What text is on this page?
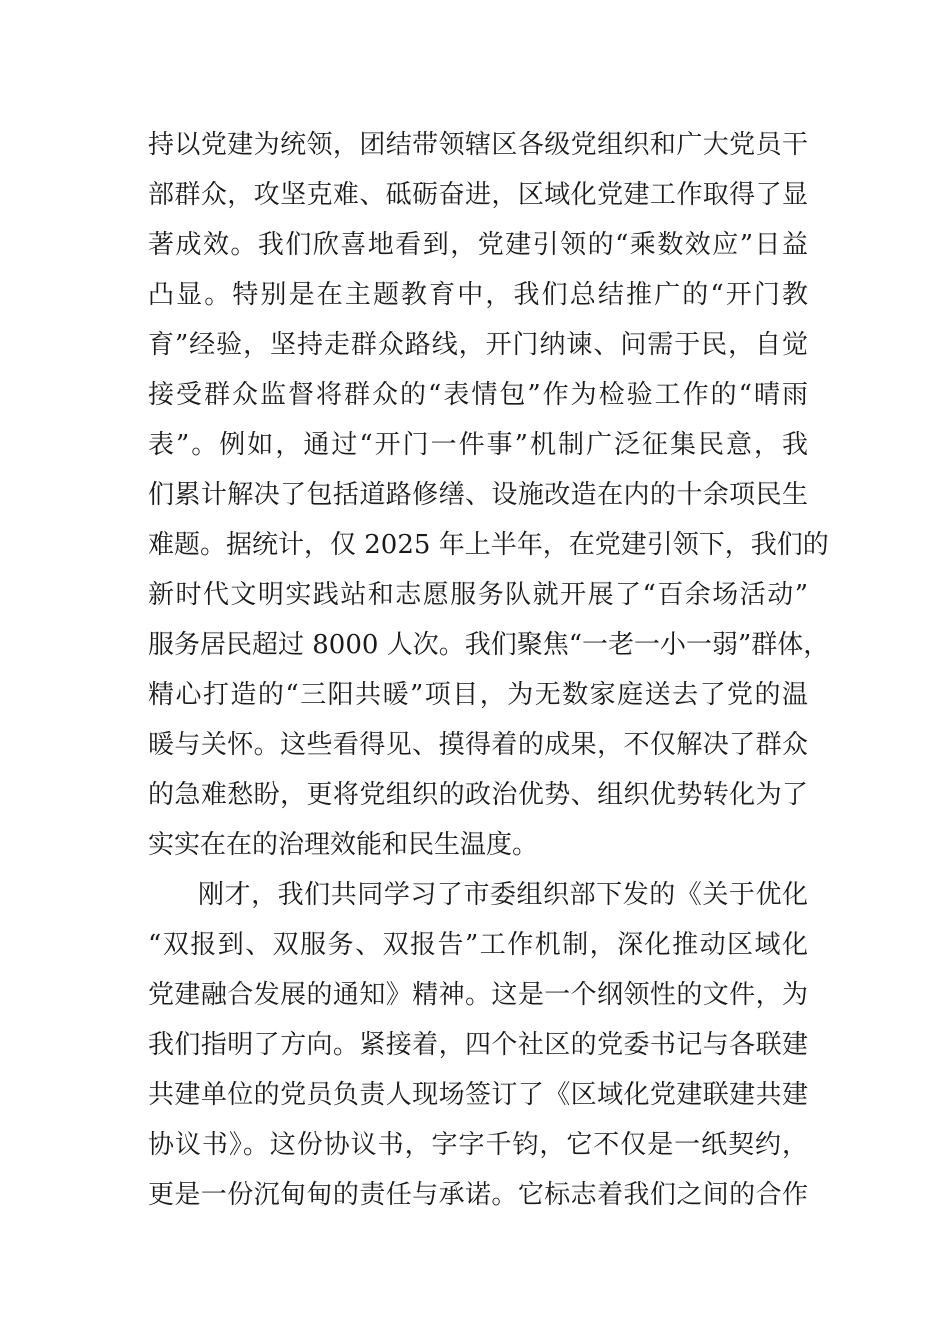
持以党建为统领，团结带领辖区各级党组织和广大党员干
部群众，攻坚克难、砥砺奋进，区域化党建工作取得了显
著成效。我们欣喜地看到，党建引领的“乘数效应”日益
凸显。特别是在主题教育中，我们总结推广的“开门教
育”经验，坚持走群众路线，开门纳谏、问需于民，自觉
接受群众监督将群众的“表情包”作为检验工作的“晴雨
表”。例如，通过“开门一件事”机制广泛征集民意，我
们累计解决了包括道路修缮、设施改造在内的十余项民生
难题。据统计，仅 2025 年上半年，在党建引领下，我们的
新时代文明实践站和志愿服务队就开展了“百余场活动”
服务居民超过 8000 人次。我们聚焦“一老一小一弱”群体，
精心打造的“三阳共暖”项目，为无数家庭送去了党的温
暖与关怀。这些看得见、摸得着的成果，不仅解决了群众
的急难愁盼，更将党组织的政治优势、组织优势转化为了
实实在在的治理效能和民生温度。
刚才，我们共同学习了市委组织部下发的《关于优化
“双报到、双服务、双报告”工作机制，深化推动区域化
党建融合发展的通知》精神。这是一个纲领性的文件，为
我们指明了方向。紧接着，四个社区的党委书记与各联建
共建单位的党员负责人现场签订了《区域化党建联建共建
协议书》。这份协议书，字字千钧，它不仅是一纸契约，
更是一份沉甸甸的责任与承诺。它标志着我们之间的合作
